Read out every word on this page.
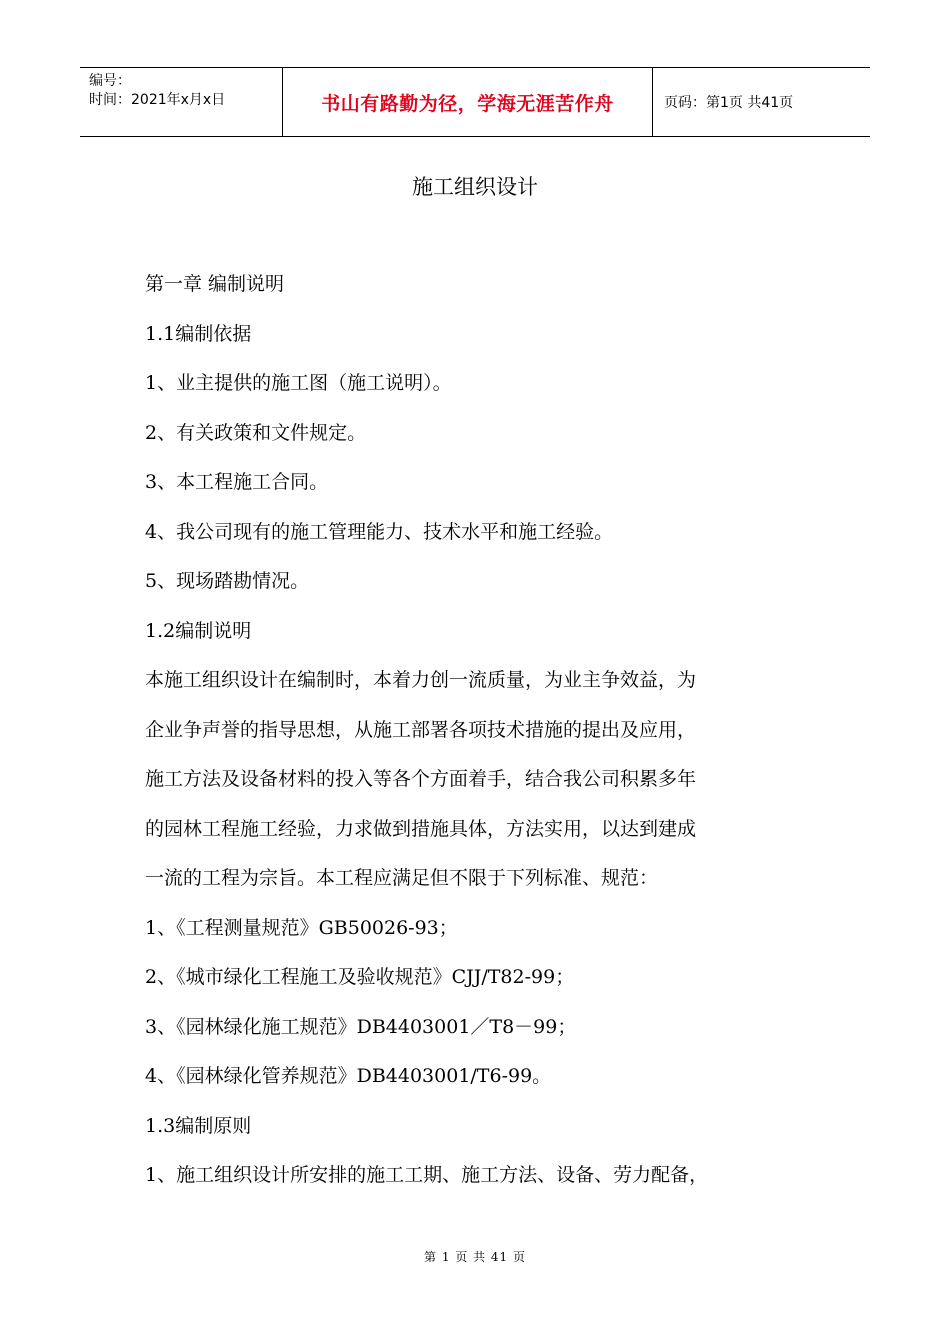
编号：
时间：2021年x月x日	书山有路勤为径，学海无涯苦作舟	页码：第1页 共41页
施工组织设计
第一章 编制说明
1.1编制依据
1、业主提供的施工图（施工说明）。
2、有关政策和文件规定。
3、本工程施工合同。
4、我公司现有的施工管理能力、技术水平和施工经验。
5、现场踏勘情况。
1.2编制说明
本施工组织设计在编制时，本着力创一流质量，为业主争效益，为
企业争声誉的指导思想，从施工部署各项技术措施的提出及应用，
施工方法及设备材料的投入等各个方面着手，结合我公司积累多年
的园林工程施工经验，力求做到措施具体，方法实用，以达到建成
一流的工程为宗旨。本工程应满足但不限于下列标准、规范：
1、《工程测量规范》GB50026-93；
2、《城市绿化工程施工及验收规范》CJJ/T82-99；
3、《园林绿化施工规范》DB4403001／T8－99；
4、《园林绿化管养规范》DB4403001/T6-99。
1.3编制原则
1、施工组织设计所安排的施工工期、施工方法、设备、劳力配备，
第 1 页 共 41 页
